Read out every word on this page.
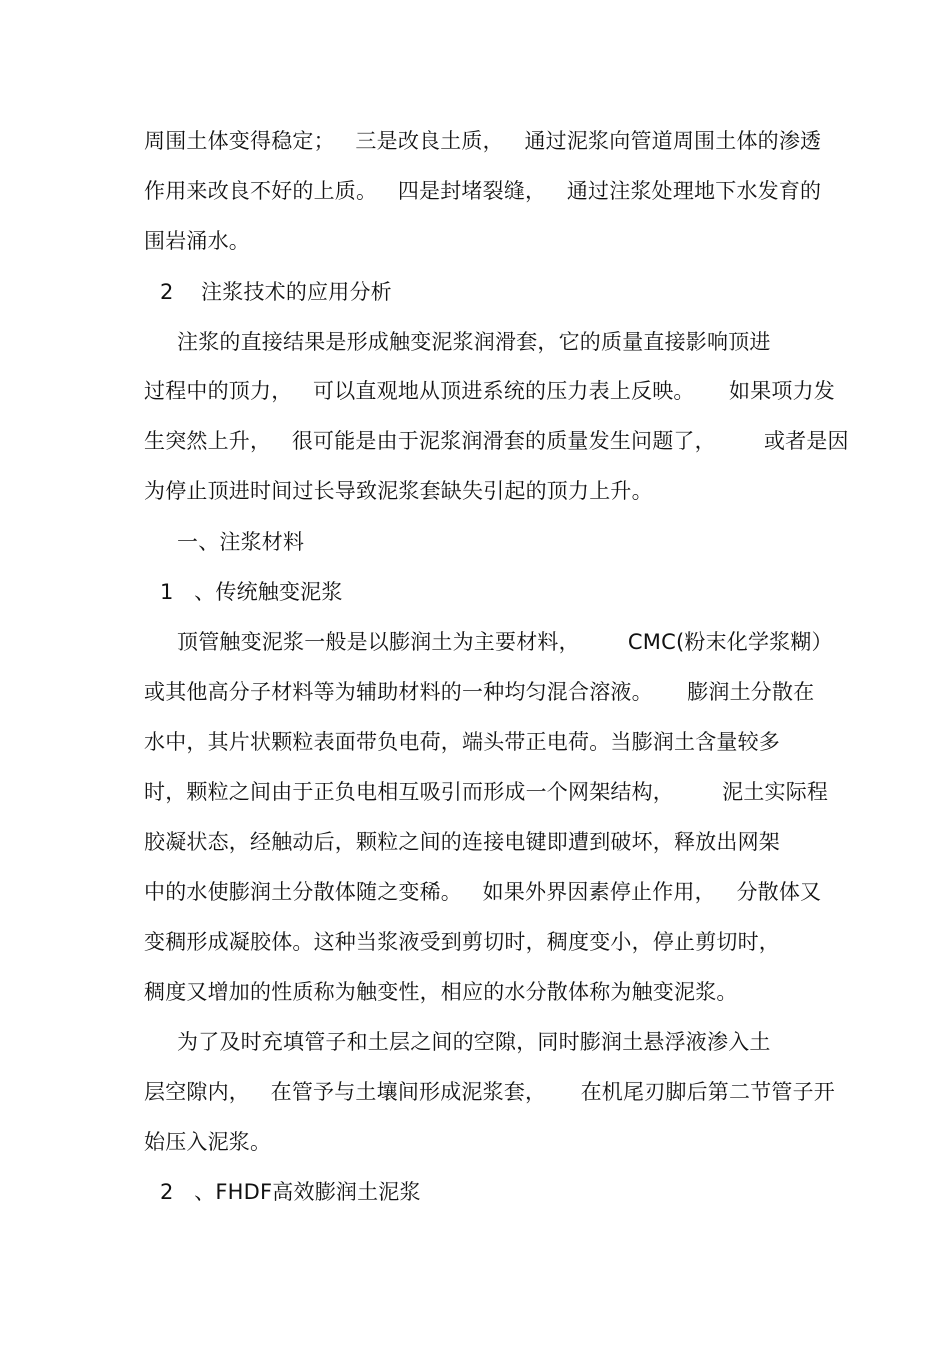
周围土体变得稳定；   三是改良土质，   通过泥浆向管道周围土体的渗透
作用来改良不好的上质。   四是封堵裂缝，   通过注浆处理地下水发育的
围岩涌水。
2    注浆技术的应用分析
注浆的直接结果是形成触变泥浆润滑套，它的质量直接影响顶进
过程中的顶力，   可以直观地从顶进系统的压力表上反映。     如果项力发
生突然上升，   很可能是由于泥浆润滑套的质量发生问题了，       或者是因
为停止顶进时间过长导致泥浆套缺失引起的顶力上升。
一、注浆材料
1   、传统触变泥浆
顶管触变泥浆一般是以膨润土为主要材料，       CMC(粉末化学浆糊）
或其他高分子材料等为辅助材料的一种均匀混合溶液。     膨润土分散在
水中，其片状颗粒表面带负电荷，端头带正电荷。当膨润土含量较多
时，颗粒之间由于正负电相互吸引而形成一个网架结构，       泥土实际程
胶凝状态，经触动后，颗粒之间的连接电键即遭到破坏，释放出网架
中的水使膨润土分散体随之变稀。   如果外界因素停止作用，   分散体又
变稠形成凝胶体。这种当浆液受到剪切时，稠度变小，停止剪切时，
稠度又增加的性质称为触变性，相应的水分散体称为触变泥浆。
为了及时充填管子和土层之间的空隙，同时膨润土悬浮液渗入土
层空隙内，   在管予与土壤间形成泥浆套，     在机尾刃脚后第二节管子开
始压入泥浆。
2   、FHDF高效膨润土泥浆
